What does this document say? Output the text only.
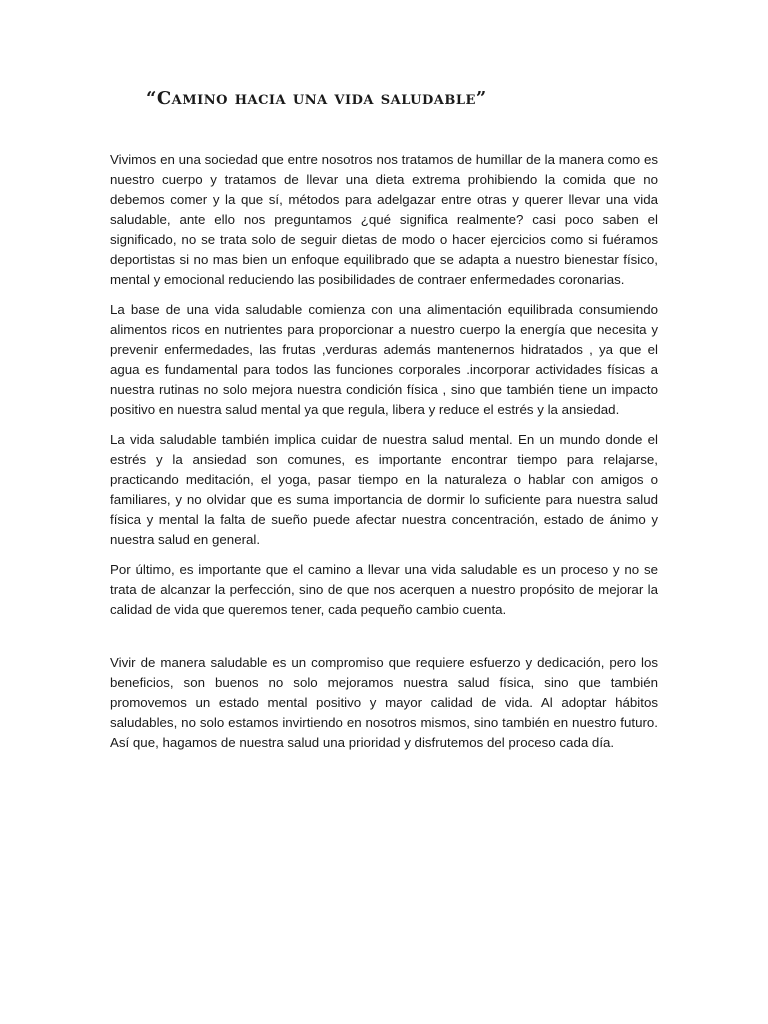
“Camino hacia una vida saludable”

Vivimos en una sociedad que entre nosotros nos tratamos de humillar de la manera como es nuestro cuerpo y tratamos de llevar una dieta extrema prohibiendo la comida que no debemos comer y la que sí, métodos para adelgazar entre otras y querer llevar una vida saludable, ante ello nos preguntamos ¿qué significa realmente? casi poco saben el significado, no se trata solo de seguir dietas de modo o hacer ejercicios como si fuéramos deportistas si no mas bien un enfoque equilibrado que se adapta a nuestro bienestar físico, mental y emocional reduciendo las posibilidades de contraer enfermedades coronarias.

La base de una vida saludable comienza con una alimentación equilibrada consumiendo alimentos ricos en nutrientes para proporcionar a nuestro cuerpo la energía que necesita y prevenir enfermedades, las frutas ,verduras además mantenernos hidratados , ya que el agua es fundamental para todos las funciones corporales .incorporar actividades físicas a nuestra rutinas no solo mejora nuestra condición física , sino que también tiene un impacto positivo en nuestra salud mental ya que regula, libera y reduce el estrés y la ansiedad.

La vida saludable también implica cuidar de nuestra salud mental. En un mundo donde el estrés y la ansiedad son comunes, es importante encontrar tiempo para relajarse, practicando meditación, el yoga, pasar tiempo en la naturaleza o hablar con amigos o familiares, y no olvidar que es suma importancia de dormir lo suficiente para nuestra salud física y mental la falta de sueño puede afectar nuestra concentración, estado de ánimo y nuestra salud en general.

Por último, es importante que el camino a llevar una vida saludable es un proceso y no se trata de alcanzar la perfección, sino de que nos acerquen a nuestro propósito de mejorar la calidad de vida que queremos tener, cada pequeño cambio cuenta.

Vivir de manera saludable es un compromiso que requiere esfuerzo y dedicación, pero los beneficios, son buenos no solo mejoramos nuestra salud física, sino que también promovemos un estado mental positivo y mayor calidad de vida. Al adoptar hábitos saludables, no solo estamos invirtiendo en nosotros mismos, sino también en nuestro futuro. Así que, hagamos de nuestra salud una prioridad y disfrutemos del proceso cada día.
